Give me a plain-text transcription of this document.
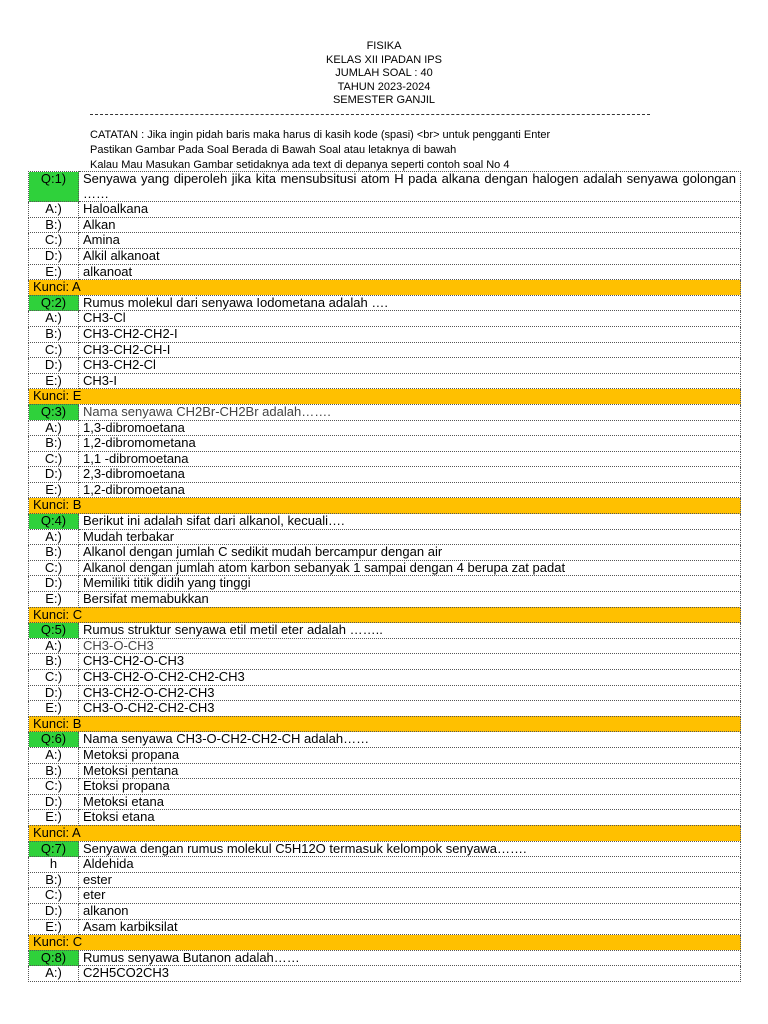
FISIKA
KELAS XII IPADAN IPS
JUMLAH SOAL : 40
TAHUN 2023-2024
SEMESTER GANJIL
CATATAN : Jika ingin pidah baris maka harus di kasih kode (spasi) <br> untuk pengganti Enter
Pastikan Gambar Pada Soal Berada di Bawah Soal atau letaknya di bawah
Kalau Mau Masukan Gambar setidaknya ada text di depanya seperti contoh soal No 4
Q:1)	Senyawa yang diperoleh jika kita mensubsitusi atom H pada alkana dengan halogen adalah senyawa golongan ……
A:)	Haloalkana
B:)	Alkan
C:)	Amina
D:)	Alkil alkanoat
E:)	alkanoat
Kunci: A	
Q:2)	Rumus molekul dari senyawa Iodometana adalah ….
A:)	CH3-Cl
B:)	CH3-CH2-CH2-I
C:)	CH3-CH2-CH-I
D:)	CH3-CH2-Cl
E:)	CH3-I
Kunci: E	
Q:3)	Nama senyawa CH2Br-CH2Br adalah…….
A:)	1,3-dibromoetana
B:)	1,2-dibromometana
C:)	1,1 -dibromoetana
D:)	2,3-dibromoetana
E:)	1,2-dibromoetana
Kunci: B	
Q:4)	Berikut ini adalah sifat dari alkanol, kecuali….
A:)	Mudah terbakar
B:)	Alkanol dengan jumlah C sedikit mudah bercampur dengan air
C:)	Alkanol dengan jumlah atom karbon sebanyak 1 sampai dengan 4 berupa zat padat
D:)	Memiliki titik didih yang tinggi
E:)	Bersifat memabukkan
Kunci: C	
Q:5)	Rumus struktur senyawa etil metil eter adalah ……..
A:)	CH3-O-CH3
B:)	CH3-CH2-O-CH3
C:)	CH3-CH2-O-CH2-CH2-CH3
D:)	CH3-CH2-O-CH2-CH3
E:)	CH3-O-CH2-CH2-CH3
Kunci: B	
Q:6)	Nama senyawa CH3-O-CH2-CH2-CH adalah……
A:)	Metoksi propana
B:)	Metoksi pentana
C:)	Etoksi propana
D:)	Metoksi etana
E:)	Etoksi etana
Kunci: A	
Q:7)	Senyawa dengan rumus molekul C5H12O termasuk kelompok senyawa…….
h	Aldehida
B:)	ester
C:)	eter
D:)	alkanon
E:)	Asam karbiksilat
Kunci: C	
Q:8)	Rumus senyawa Butanon adalah……
A:)	C2H5CO2CH3
